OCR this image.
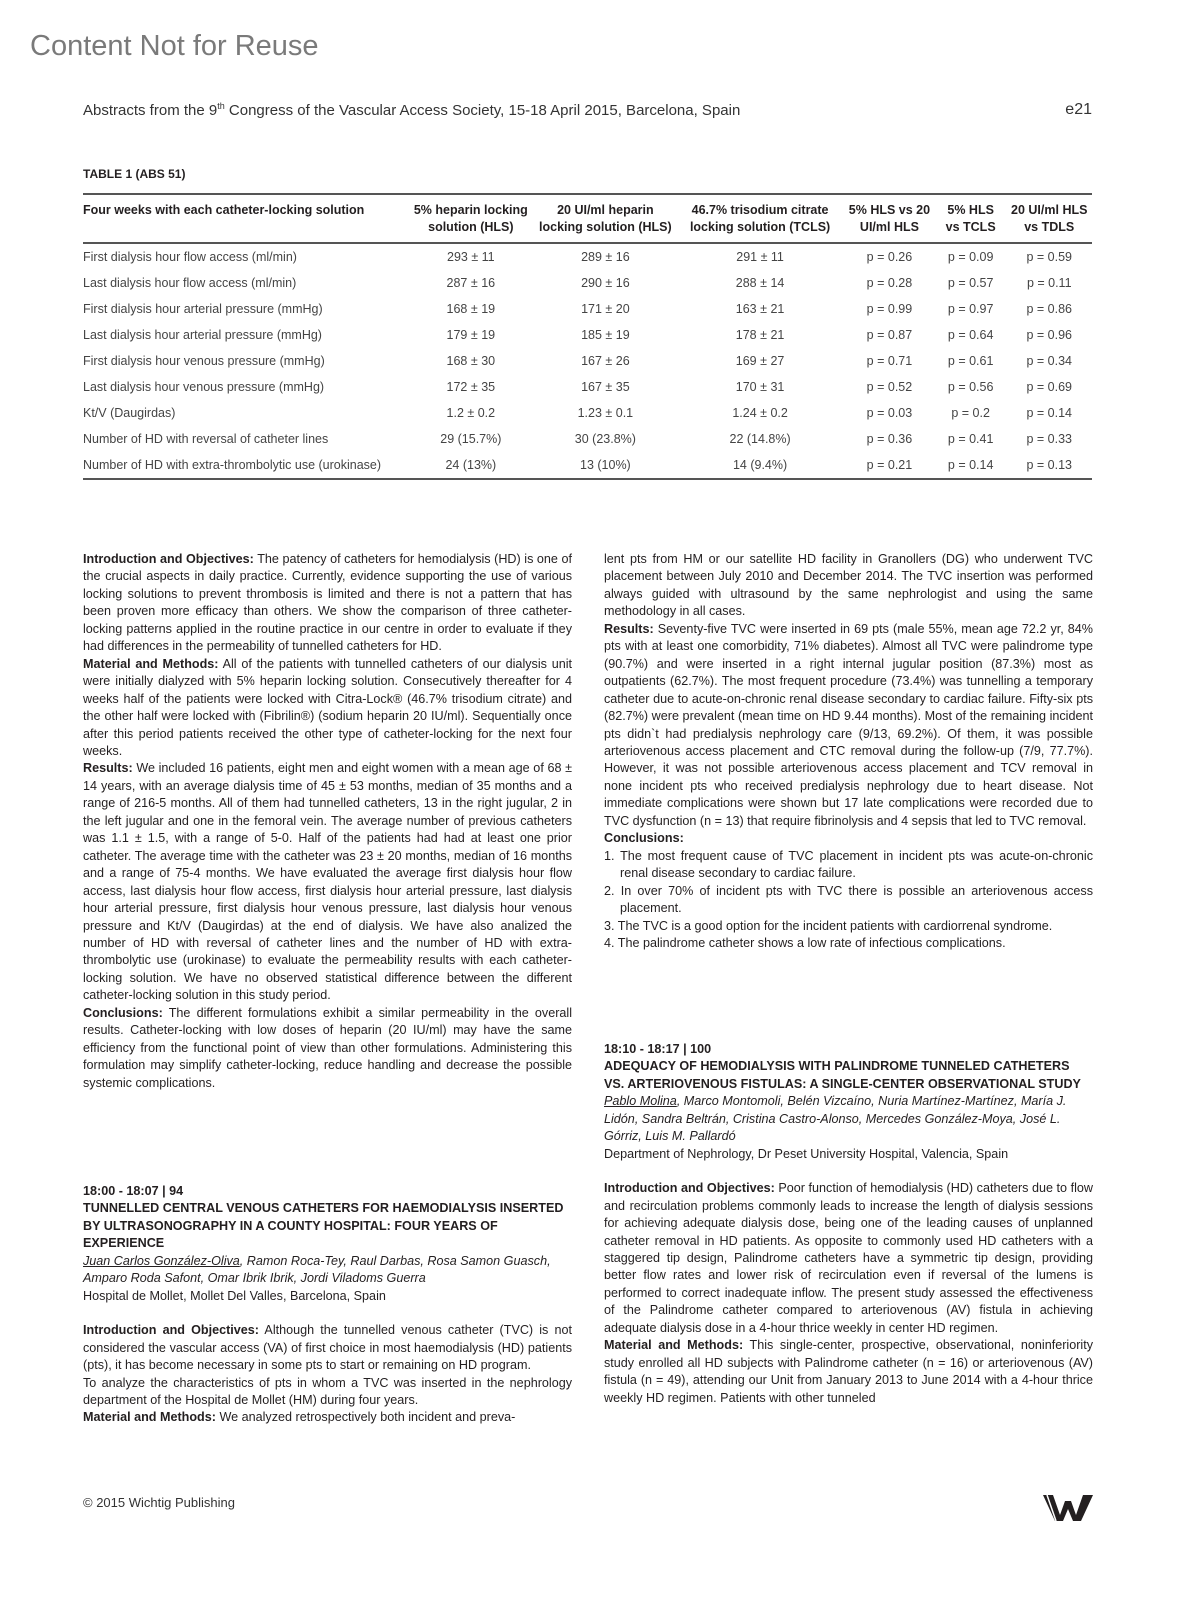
Content Not for Reuse
Abstracts from the 9th Congress of the Vascular Access Society, 15-18 April 2015, Barcelona, Spain	e21
TABLE 1 (ABS 51)
Four weeks with each catheter-locking solution	5% heparin locking solution (HLS)	20 UI/ml heparin locking solution (HLS)	46.7% trisodium citrate locking solution (TCLS)	5% HLS vs 20 UI/ml HLS	5% HLS vs TCLS	20 UI/ml HLS vs TDLS
First dialysis hour flow access (ml/min)	293 ± 11	289 ± 16	291 ± 11	p = 0.26	p = 0.09	p = 0.59
Last dialysis hour flow access (ml/min)	287 ± 16	290 ± 16	288 ± 14	p = 0.28	p = 0.57	p = 0.11
First dialysis hour arterial pressure (mmHg)	168 ± 19	171 ± 20	163 ± 21	p = 0.99	p = 0.97	p = 0.86
Last dialysis hour arterial pressure (mmHg)	179 ± 19	185 ± 19	178 ± 21	p = 0.87	p = 0.64	p = 0.96
First dialysis hour venous pressure (mmHg)	168 ± 30	167 ± 26	169 ± 27	p = 0.71	p = 0.61	p = 0.34
Last dialysis hour venous pressure (mmHg)	172 ± 35	167 ± 35	170 ± 31	p = 0.52	p = 0.56	p = 0.69
Kt/V (Daugirdas)	1.2 ± 0.2	1.23 ± 0.1	1.24 ± 0.2	p = 0.03	p = 0.2	p = 0.14
Number of HD with reversal of catheter lines	29 (15.7%)	30 (23.8%)	22 (14.8%)	p = 0.36	p = 0.41	p = 0.33
Number of HD with extra-thrombolytic use (urokinase)	24 (13%)	13 (10%)	14 (9.4%)	p = 0.21	p = 0.14	p = 0.13

Introduction and Objectives: The patency of catheters for hemodialysis (HD) is one of the crucial aspects in daily practice. Currently, evidence supporting the use of various locking solutions to prevent thrombosis is limited and there is not a pattern that has been proven more efficacy than others. We show the comparison of three catheter-locking patterns applied in the routine practice in our centre in order to evaluate if they had differences in the permeability of tunnelled catheters for HD.

Material and Methods: All of the patients with tunnelled catheters of our dialysis unit were initially dialyzed with 5% heparin locking solution. Consecutively thereafter for 4 weeks half of the patients were locked with Citra-Lock® (46.7% trisodium citrate) and the other half were locked with (Fibrilin®) (sodium heparin 20 IU/ml). Sequentially once after this period patients received the other type of catheter-locking for the next four weeks.

Results: We included 16 patients, eight men and eight women with a mean age of 68 ± 14 years, with an average dialysis time of 45 ± 53 months, median of 35 months and a range of 216-5 months. All of them had tunnelled catheters, 13 in the right jugular, 2 in the left jugular and one in the femoral vein. The average number of previous catheters was 1.1 ± 1.5, with a range of 5-0. Half of the patients had had at least one prior catheter. The average time with the catheter was 23 ± 20 months, median of 16 months and a range of 75-4 months. We have evaluated the average first dialysis hour flow access, last dialysis hour flow access, first dialysis hour arterial pressure, last dialysis hour arterial pressure, first dialysis hour venous pressure, last dialysis hour venous pressure and Kt/V (Daugirdas) at the end of dialysis. We have also analized the number of HD with reversal of catheter lines and the number of HD with extra-thrombolytic use (urokinase) to evaluate the permeability results with each catheter-locking solution. We have no observed statistical difference between the different catheter-locking solution in this study period.

Conclusions: The different formulations exhibit a similar permeability in the overall results. Catheter-locking with low doses of heparin (20 IU/ml) may have the same efficiency from the functional point of view than other formulations. Administering this formulation may simplify catheter-locking, reduce handling and decrease the possible systemic complications.

18:00 - 18:07 | 94

TUNNELLED CENTRAL VENOUS CATHETERS FOR HAEMODIALYSIS INSERTED BY ULTRASONOGRAPHY IN A COUNTY HOSPITAL: FOUR YEARS OF EXPERIENCE

Juan Carlos González-Oliva, Ramon Roca-Tey, Raul Darbas, Rosa Samon Guasch, Amparo Roda Safont, Omar Ibrik Ibrik, Jordi Viladoms Guerra

Hospital de Mollet, Mollet Del Valles, Barcelona, Spain

Introduction and Objectives: Although the tunnelled venous catheter (TVC) is not considered the vascular access (VA) of first choice in most haemodialysis (HD) patients (pts), it has become necessary in some pts to start or remaining on HD program.

To analyze the characteristics of pts in whom a TVC was inserted in the nephrology department of the Hospital de Mollet (HM) during four years.

Material and Methods: We analyzed retrospectively both incident and preva-

lent pts from HM or our satellite HD facility in Granollers (DG) who underwent TVC placement between July 2010 and December 2014. The TVC insertion was performed always guided with ultrasound by the same nephrologist and using the same methodology in all cases.

Results: Seventy-five TVC were inserted in 69 pts (male 55%, mean age 72.2 yr, 84% pts with at least one comorbidity, 71% diabetes). Almost all TVC were palindrome type (90.7%) and were inserted in a right internal jugular position (87.3%) most as outpatients (62.7%). The most frequent procedure (73.4%) was tunnelling a temporary catheter due to acute-on-chronic renal disease secondary to cardiac failure. Fifty-six pts (82.7%) were prevalent (mean time on HD 9.44 months). Most of the remaining incident pts didn`t had predialysis nephrology care (9/13, 69.2%). Of them, it was possible arteriovenous access placement and CTC removal during the follow-up (7/9, 77.7%). However, it was not possible arteriovenous access placement and TCV removal in none incident pts who received predialysis nephrology due to heart disease. Not immediate complications were shown but 17 late complications were recorded due to TVC dysfunction (n = 13) that require fibrinolysis and 4 sepsis that led to TVC removal.

Conclusions:

1. The most frequent cause of TVC placement in incident pts was acute-on-chronic renal disease secondary to cardiac failure.
2. In over 70% of incident pts with TVC there is possible an arteriovenous access placement.
3. The TVC is a good option for the incident patients with cardiorrenal syndrome.
4. The palindrome catheter shows a low rate of infectious complications.

18:10 - 18:17 | 100

ADEQUACY OF HEMODIALYSIS WITH PALINDROME TUNNELED CATHETERS VS. ARTERIOVENOUS FISTULAS: A SINGLE-CENTER OBSERVATIONAL STUDY

Pablo Molina, Marco Montomoli, Belén Vizcaíno, Nuria Martínez-Martínez, María J. Lidón, Sandra Beltrán, Cristina Castro-Alonso, Mercedes González-Moya, José L. Górriz, Luis M. Pallardó

Department of Nephrology, Dr Peset University Hospital, Valencia, Spain

Introduction and Objectives: Poor function of hemodialysis (HD) catheters due to flow and recirculation problems commonly leads to increase the length of dialysis sessions for achieving adequate dialysis dose, being one of the leading causes of unplanned catheter removal in HD patients. As opposite to commonly used HD catheters with a staggered tip design, Palindrome catheters have a symmetric tip design, providing better flow rates and lower risk of recirculation even if reversal of the lumens is performed to correct inadequate inflow. The present study assessed the effectiveness of the Palindrome catheter compared to arteriovenous (AV) fistula in achieving adequate dialysis dose in a 4-hour thrice weekly in center HD regimen.

Material and Methods: This single-center, prospective, observational, noninferiority study enrolled all HD subjects with Palindrome catheter (n = 16) or arteriovenous (AV) fistula (n = 49), attending our Unit from January 2013 to June 2014 with a 4-hour thrice weekly HD regimen. Patients with other tunneled

© 2015 Wichtig Publishing
